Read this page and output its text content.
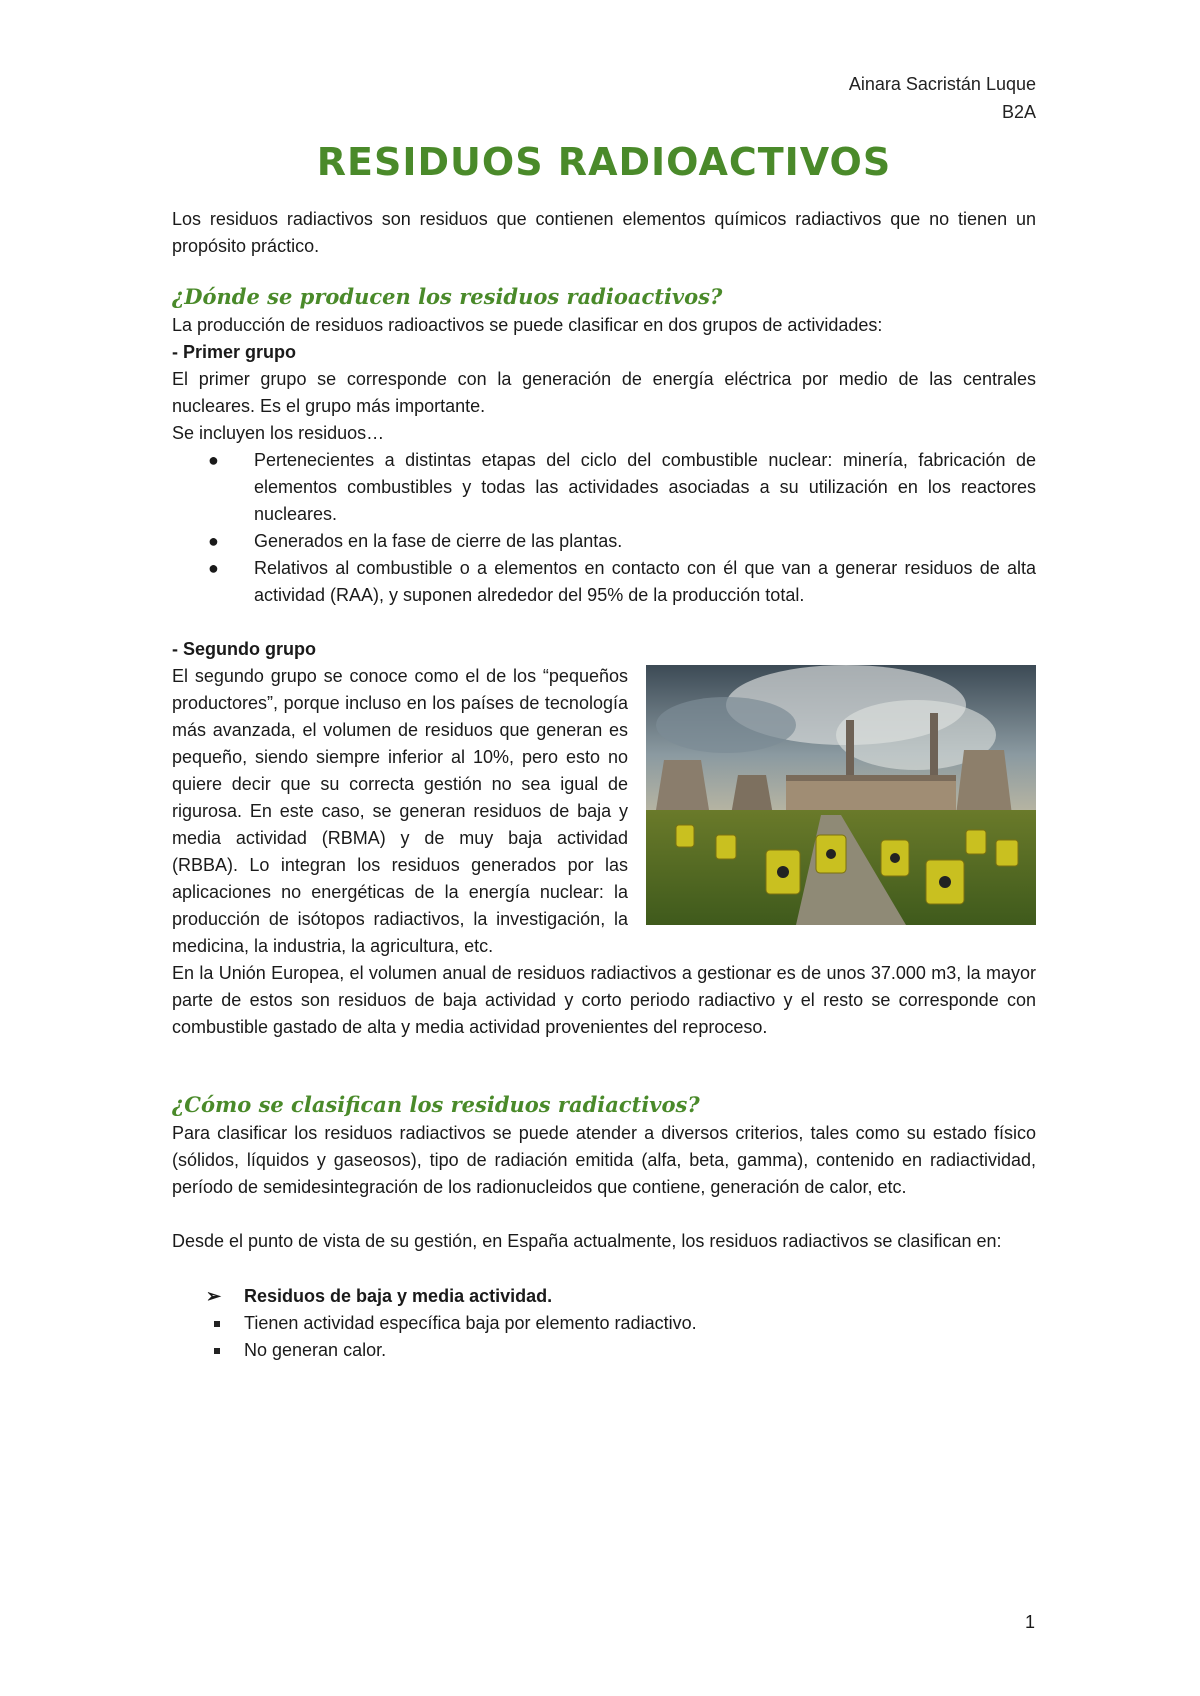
Ainara Sacristán Luque
B2A
RESIDUOS RADIOACTIVOS

Los residuos radiactivos son residuos que contienen elementos químicos radiactivos que no tienen un propósito práctico.

¿Dónde se producen los residuos radioactivos?

La producción de residuos radioactivos se puede clasificar en dos grupos de actividades:

- Primer grupo

El primer grupo se corresponde con la generación de energía eléctrica por medio de las centrales nucleares. Es el grupo más importante.

Se incluyen los residuos…

● Pertenecientes a distintas etapas del ciclo del combustible nuclear: minería, fabricación de elementos combustibles y todas las actividades asociadas a su utilización en los reactores nucleares.
● Generados en la fase de cierre de las plantas.
● Relativos al combustible o a elementos en contacto con él que van a generar residuos de alta actividad (RAA), y suponen alrededor del 95% de la producción total.

- Segundo grupo

El segundo grupo se conoce como el de los “pequeños productores”, porque incluso en los países de tecnología más avanzada, el volumen de residuos que generan es pequeño, siendo siempre inferior al 10%, pero esto no quiere decir que su correcta gestión no sea igual de rigurosa. En este caso, se generan residuos de baja y media actividad (RBMA) y de muy baja actividad (RBBA). Lo integran los residuos generados por las aplicaciones no energéticas de la energía nuclear: la producción de isótopos radiactivos, la investigación, la medicina, la industria, la agricultura, etc.

En la Unión Europea, el volumen anual de residuos radiactivos a gestionar es de unos 37.000 m3, la mayor parte de estos son residuos de baja actividad y corto periodo radiactivo y el resto se corresponde con combustible gastado de alta y media actividad provenientes del reproceso.

¿Cómo se clasifican los residuos radiactivos?

Para clasificar los residuos radiactivos se puede atender a diversos criterios, tales como su estado físico (sólidos, líquidos y gaseosos), tipo de radiación emitida (alfa, beta, gamma), contenido en radiactividad, período de semidesintegración de los radionucleidos que contiene, generación de calor, etc.

Desde el punto de vista de su gestión, en España actualmente, los residuos radiactivos se clasifican en:

➢ Residuos de baja y media actividad.

Tienen actividad específica baja por elemento radiactivo.
No generan calor.
1
